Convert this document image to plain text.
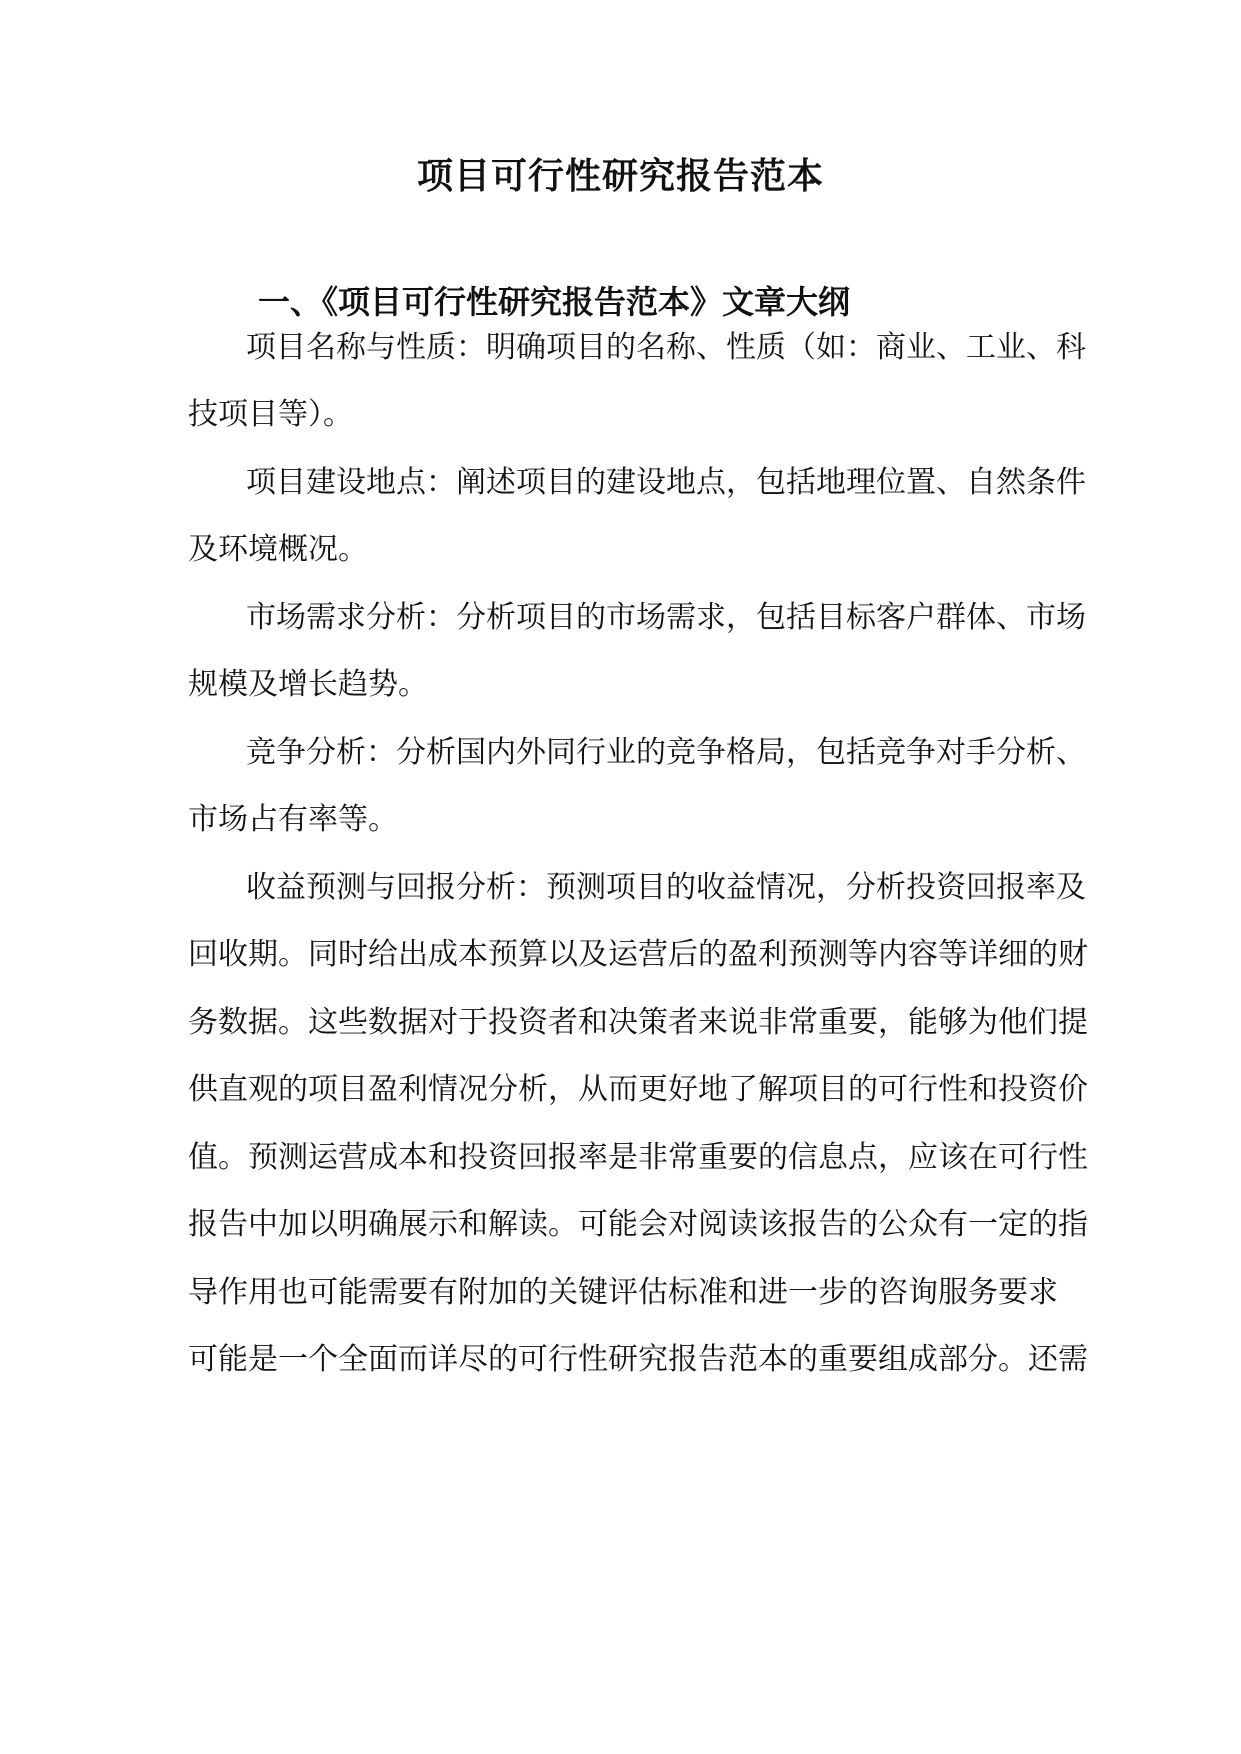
项目可行性研究报告范本
一、《项目可行性研究报告范本》文章大纲
项目名称与性质：明确项目的名称、性质（如：商业、工业、科
技项目等）。
项目建设地点：阐述项目的建设地点，包括地理位置、自然条件
及环境概况。
市场需求分析：分析项目的市场需求，包括目标客户群体、市场
规模及增长趋势。
竞争分析：分析国内外同行业的竞争格局，包括竞争对手分析、
市场占有率等。
收益预测与回报分析：预测项目的收益情况，分析投资回报率及
回收期。同时给出成本预算以及运营后的盈利预测等内容等详细的财
务数据。这些数据对于投资者和决策者来说非常重要，能够为他们提
供直观的项目盈利情况分析，从而更好地了解项目的可行性和投资价
值。预测运营成本和投资回报率是非常重要的信息点，应该在可行性
报告中加以明确展示和解读。可能会对阅读该报告的公众有一定的指
导作用也可能需要有附加的关键评估标准和进一步的咨询服务要求
可能是一个全面而详尽的可行性研究报告范本的重要组成部分。还需
